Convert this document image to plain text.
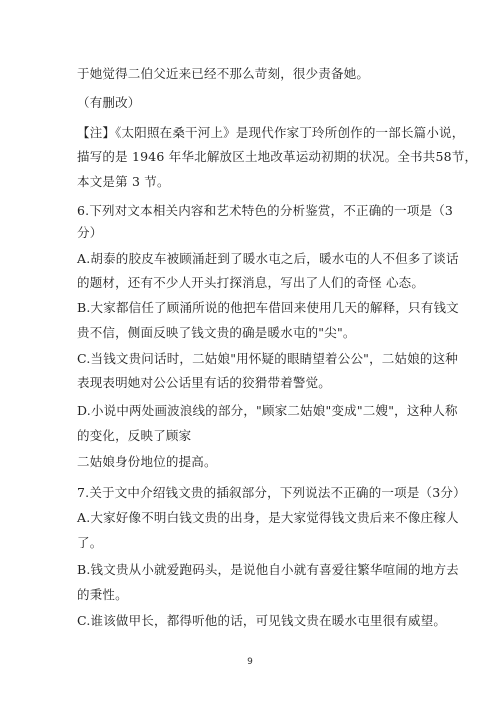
于她觉得二伯父近来已经不那么苛刻，很少责备她。
（有删改）
【注】《太阳照在桑干河上》是现代作家丁玲所创作的一部长篇小说，
描写的是 1946 年华北解放区土地改革运动初期的状况。全书共58节，
本文是第 3 节。
6.下列对文本相关内容和艺术特色的分析鉴赏，不正确的一项是（3
分）
A.胡泰的胶皮车被顾涌赶到了暖水屯之后，暖水屯的人不但多了谈话
的题材，还有不少人开头打探消息，写出了人们的奇怪 心态。
B.大家都信任了顾涌所说的他把车借回来使用几天的解释，只有钱文
贵不信，侧面反映了钱文贵的确是暖水屯的"尖"。
C.当钱文贵问话时，二姑娘"用怀疑的眼睛望着公公"，二姑娘的这种
表现表明她对公公话里有话的狡猾带着警觉。
D.小说中两处画波浪线的部分，"顾家二姑娘"变成"二嫂"，这种人称
的变化，反映了顾家
二姑娘身份地位的提高。
7.关于文中介绍钱文贵的插叙部分，下列说法不正确的一项是（3分）
A.大家好像不明白钱文贵的出身，是大家觉得钱文贵后来不像庄稼人
了。
B.钱文贵从小就爱跑码头，是说他自小就有喜爱往繁华喧闹的地方去
的秉性。
C.谁该做甲长，都得听他的话，可见钱文贵在暖水屯里很有威望。
9
